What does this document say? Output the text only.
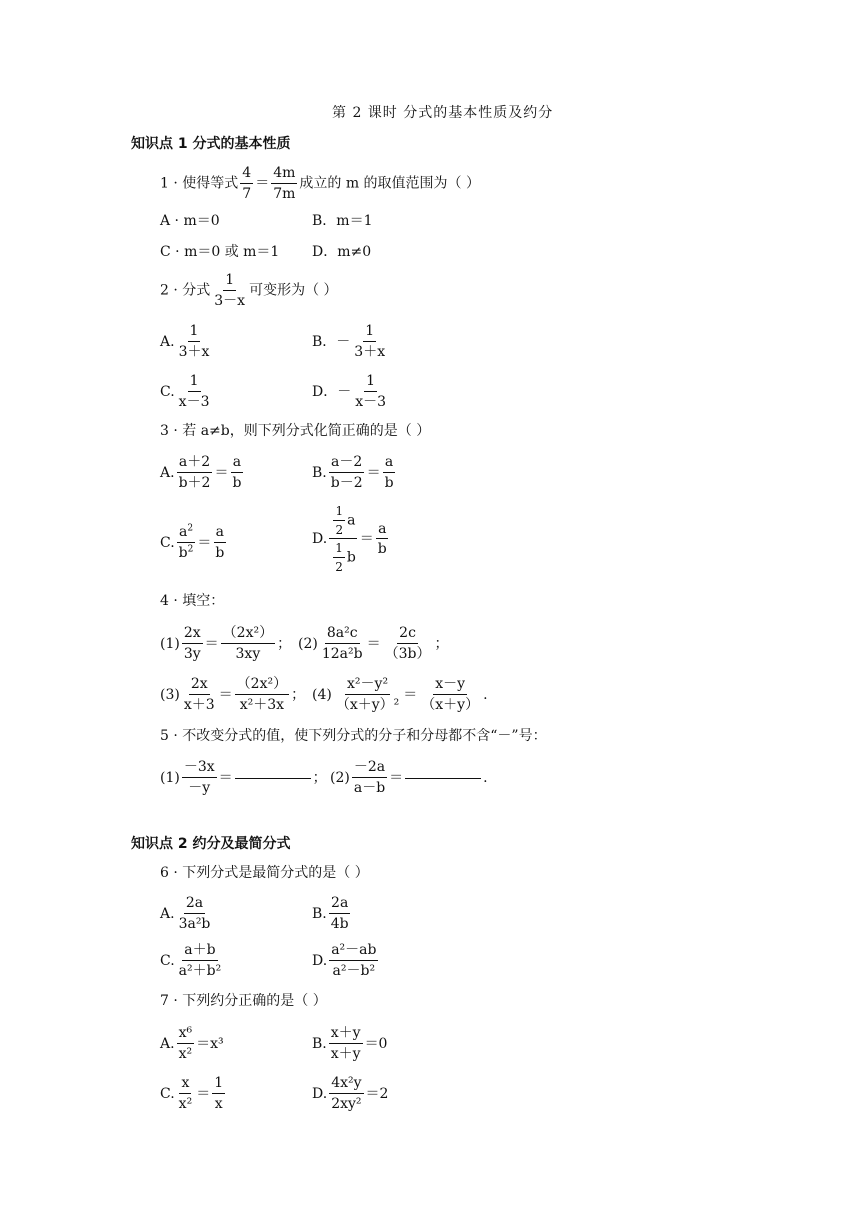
第 2 课时 分式的基本性质及约分
知识点 1 分式的基本性质
1 · 使得等式 $\frac{4}{7} = \frac{4m}{7m}$ 成立的 m 的取值范围为（ ）
A · m＝0	B．m＝1
C · m＝0 或 m＝1 D．m≠0
2 · 分式 $\frac{1}{3-x}$ 可变形为（ ）
A. $\frac{1}{3+x}$	B．－ $\frac{1}{3+x}$
C. $\frac{1}{x-3}$	D．－ $\frac{1}{x-3}$
3 · 若 a≠b，则下列分式化简正确的是（ ）
A. $\frac{a+2}{b+2} = \frac{a}{b}$	B. $\frac{a-2}{b-2} = \frac{a}{b}$
C. $\frac{a^2}{b^2} = \frac{a}{b}$	D. $\frac{\frac{1}{2} a}{\frac{1}{2} b} = \frac{a}{b}$
4 · 填空：
$(1) \frac{2x}{3y} = \frac{\text{（2x²）}}{3xy}$ ； $(2) \frac{\text{8a²c}}{\text{12a²b}} = \frac{2c}{(3b)}$ ；
$(3) \frac{2x}{x+3} = \frac{\text{（2x²）}}{\text{x²＋3x}}$ ； $(4) \frac{\text{x²－y²}}{\text{（x＋y）²}} = \frac{x-y}{(x+y)}$ .
5 · 不改变分式的值，使下列分式的分子和分母都不含“－”号：
$(1) \frac{-3x}{-y}$ ＝	； $(2) \frac{-2a}{a-b}$ ＝	.
知识点 2 约分及最简分式
6 · 下列分式是最简分式的是（ ）
A. $\frac{2a}{\text{3a²b}}$	B. $\frac{2a}{4b}$
C. $\frac{a+b}{\text{a²＋b²}}$	D. $\frac{\text{a²－ab}}{\text{a²－b²}}$
7 · 下列约分正确的是（ ）
A. $\frac{\text{x⁶}}{\text{x²}} =x^3$	B. $\frac{x+y}{x+y} =0$
C. $\frac{x}{\text{x²}} = \frac{1}{x}$	D. $\frac{\text{4x²y}}{\text{2xy²}} =2$
